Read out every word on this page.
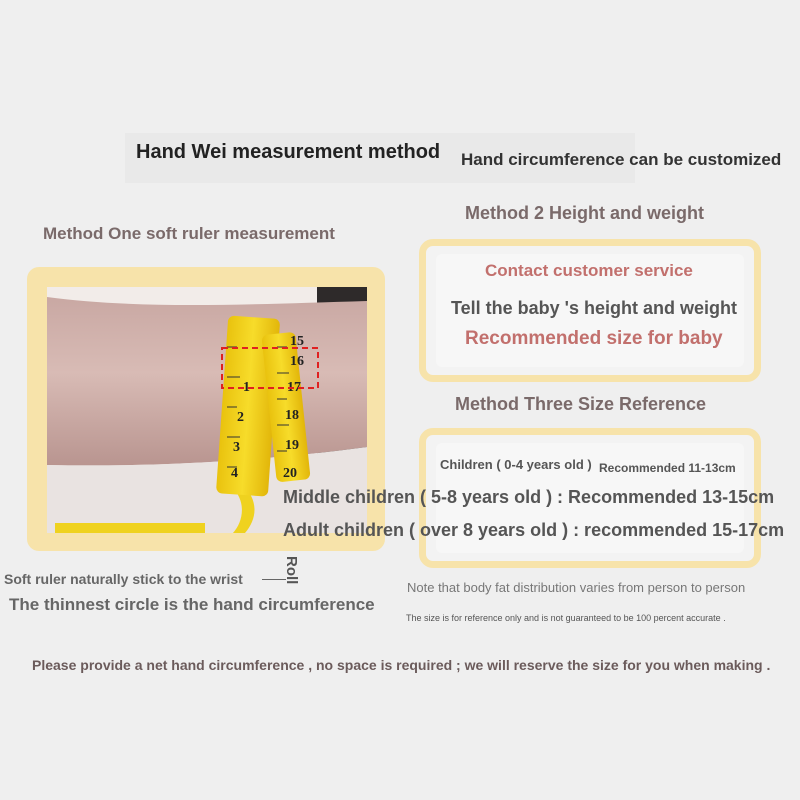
Hand Wei measurement method Hand circumference can be customized
Method One soft ruler measurement
15
16
17
18
19
20
1
2
3
4
Method 2 Height and weight
Contact customer service
Tell the baby 's height and weight
Recommended size for baby
Method Three Size Reference
Children ( 0-4 years old ) Recommended 11-13cm
Middle children ( 5-8 years old ) : Recommended 13-15cm
Adult children ( over 8 years old ) : recommended 15-17cm
Soft ruler naturally stick to the wrist	Roll
The thinnest circle is the hand circumference
Note that body fat distribution varies from person to person
The size is for reference only and is not guaranteed to be 100 percent accurate .
Please provide a net hand circumference , no space is required ; we will reserve the size for you when making .
